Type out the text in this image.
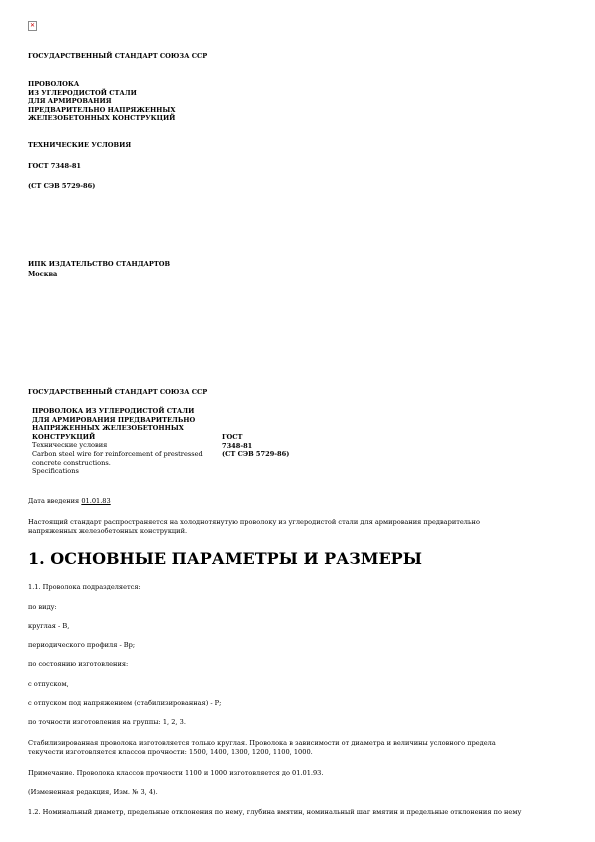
✕
ГОСУДАРСТВЕННЫЙ СТАНДАРТ СОЮЗА ССР
ПРОВОЛОКА
ИЗ УГЛЕРОДИСТОЙ СТАЛИ
ДЛЯ АРМИРОВАНИЯ
ПРЕДВАРИТЕЛЬНО НАПРЯЖЕННЫХ
ЖЕЛЕЗОБЕТОННЫХ КОНСТРУКЦИЙ
ТЕХНИЧЕСКИЕ УСЛОВИЯ
ГОСТ 7348-81
(СТ СЭВ 5729-86)
ИПК ИЗДАТЕЛЬСТВО СТАНДАРТОВ
Москва
ГОСУДАРСТВЕННЫЙ СТАНДАРТ СОЮЗА ССР
ПРОВОЛОКА ИЗ УГЛЕРОДИСТОЙ СТАЛИ
ДЛЯ АРМИРОВАНИЯ ПРЕДВАРИТЕЛЬНО
НАПРЯЖЕННЫХ ЖЕЛЕЗОБЕТОННЫХ
КОНСТРУКЦИЙ
Технические условия
Carbon steel wire for reinforcement of prestressed
concrete constructions.
Specifications
ГОСТ
7348-81
(СТ СЭВ 5729-86)
Дата введения 01.01.83
Настоящий стандарт распространяется на холоднотянутую проволоку из углеродистой стали для армирования предварительно
напряженных железобетонных конструкций.
1. ОСНОВНЫЕ ПАРАМЕТРЫ И РАЗМЕРЫ
1.1. Проволока подразделяется:
по виду:
круглая - В,
периодического профиля - Вр;
по состоянию изготовления:
с отпуском,
с отпуском под напряжением (стабилизированная) - Р;
по точности изготовления на группы: 1, 2, 3.
Стабилизированная проволока изготовляется только круглая. Проволока в зависимости от диаметра и величины условного предела
текучести изготовляется классов прочности: 1500, 1400, 1300, 1200, 1100, 1000.
Примечание. Проволока классов прочности 1100 и 1000 изготовляется до 01.01.93.
(Измененная редакция, Изм. № 3, 4).
1.2. Номинальный диаметр, предельные отклонения по нему, глубина вмятин, номинальный шаг вмятин и предельные отклонения по нему
